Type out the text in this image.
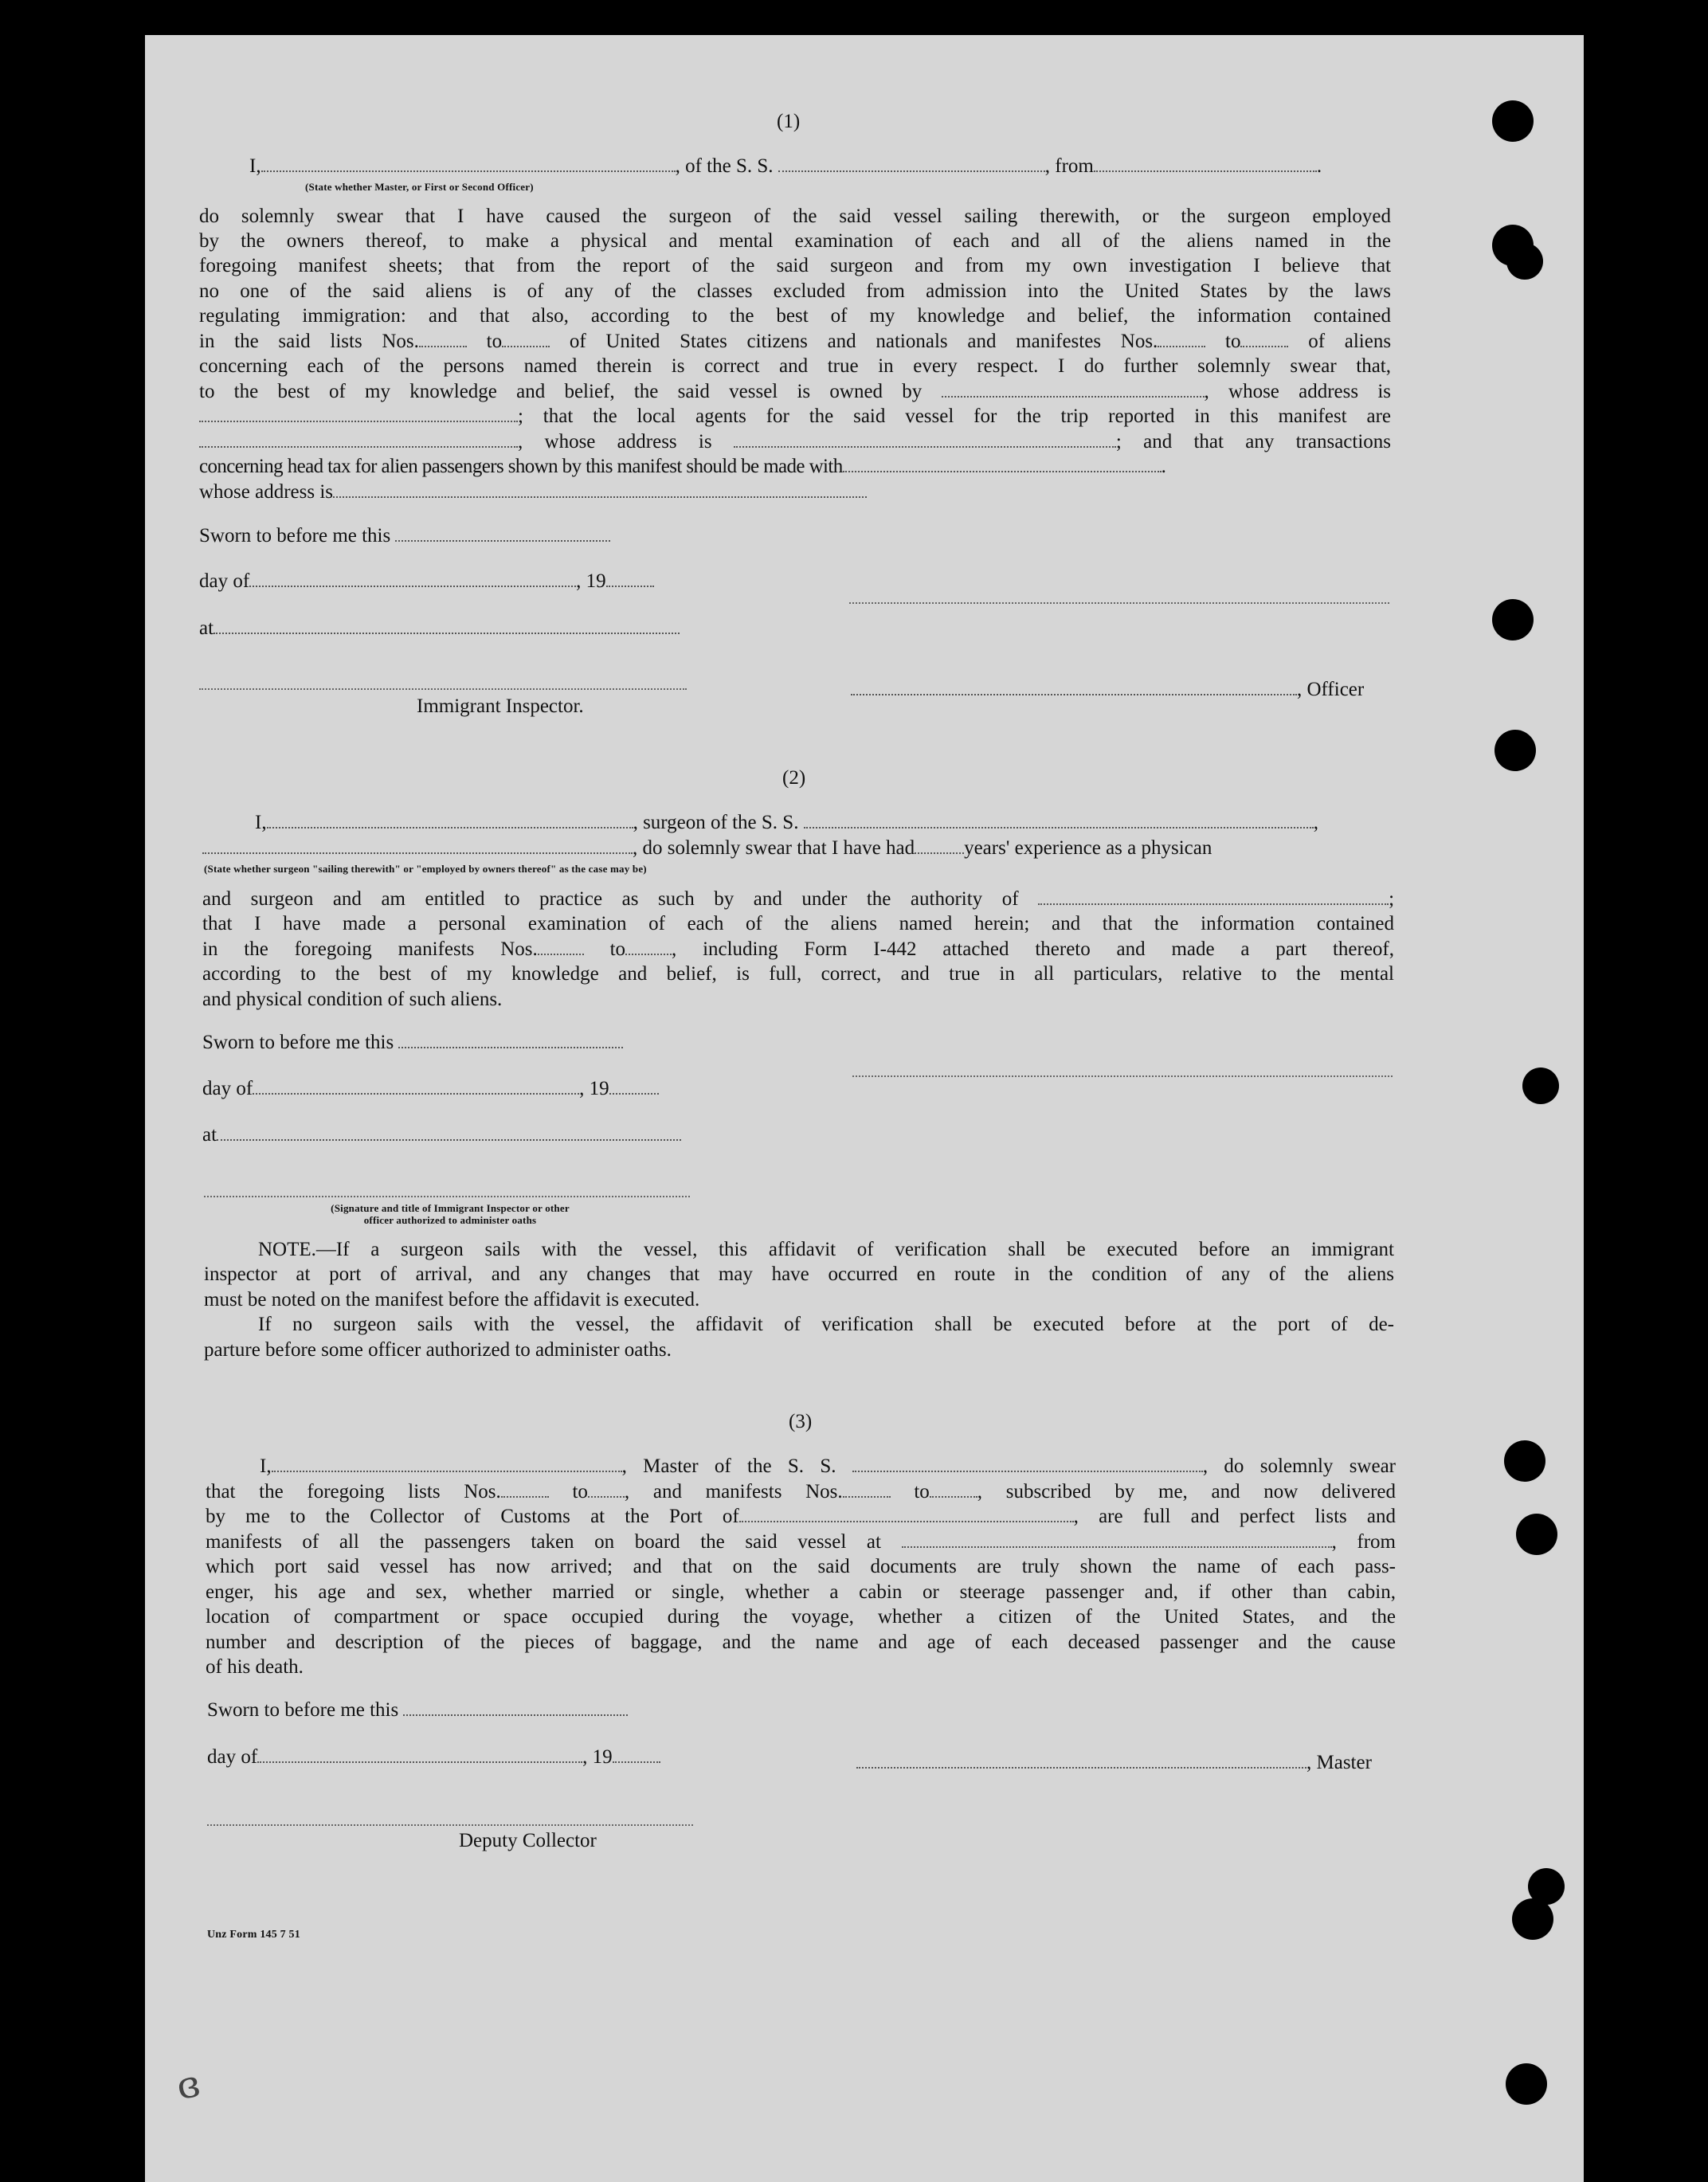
(1)

I,	, of the S. S.	, from	.

(State whether Master, or First or Second Officer)

do solemnly swear that I have caused the surgeon of the said vessel sailing therewith, or the surgeon employed

by the owners thereof, to make a physical and mental examination of each and all of the aliens named in the

foregoing manifest sheets; that from the report of the said surgeon and from my own investigation I believe that

no one of the said aliens is of any of the classes excluded from admission into the United States by the laws

regulating immigration: and that also, according to the best of my knowledge and belief, the information contained

in the said lists Nos.	to	of United States citizens and nationals and manifestes Nos.	to	of aliens

concerning each of the persons named therein is correct and true in every respect. I do further solemnly swear that,

to the best of my knowledge and belief, the said vessel is owned by	, whose address is

; that the local agents for the said vessel for the trip reported in this manifest are

, whose address is	; and that any transactions

concerning head tax for alien passengers shown by this manifest should be made with	.

whose address is

Sworn to before me this

day of	, 19

at

, Officer

Immigrant Inspector.

(2)

I,	, surgeon of the S. S.	,

, do solemnly swear that I have had years' experience as a physican

(State whether surgeon "sailing therewith" or "employed by owners thereof" as the case may be)

and surgeon and am entitled to practice as such by and under the authority of	;

that I have made a personal examination of each of the aliens named herein; and that the information contained

in the foregoing manifests Nos.	to , including Form I-442 attached thereto and made a part thereof,

according to the best of my knowledge and belief, is full, correct, and true in all particulars, relative to the mental

and physical condition of such aliens.

Sworn to before me this

day of	, 19

at

(Signature and title of Immigrant Inspector or other
officer authorized to administer oaths

NOTE.—If a surgeon sails with the vessel, this affidavit of verification shall be executed before an immigrant

inspector at port of arrival, and any changes that may have occurred en route in the condition of any of the aliens

must be noted on the manifest before the affidavit is executed.

If no surgeon sails with the vessel, the affidavit of verification shall be executed before at the port of de-

parture before some officer authorized to administer oaths.

(3)

I,	, Master of the S. S.	, do solemnly swear

that the foregoing lists Nos.	to , and manifests Nos.	to , subscribed by me, and now delivered

by me to the Collector of Customs at the Port of	, are full and perfect lists and

manifests of all the passengers taken on board the said vessel at	, from

which port said vessel has now arrived; and that on the said documents are truly shown the name of each pass-

enger, his age and sex, whether married or single, whether a cabin or steerage passenger and, if other than cabin,

location of compartment or space occupied during the voyage, whether a citizen of the United States, and the

number and description of the pieces of baggage, and the name and age of each deceased passenger and the cause

of his death.

Sworn to before me this

day of	, 19	, Master

Deputy Collector

Unz Form 145 7 51

ɞ
